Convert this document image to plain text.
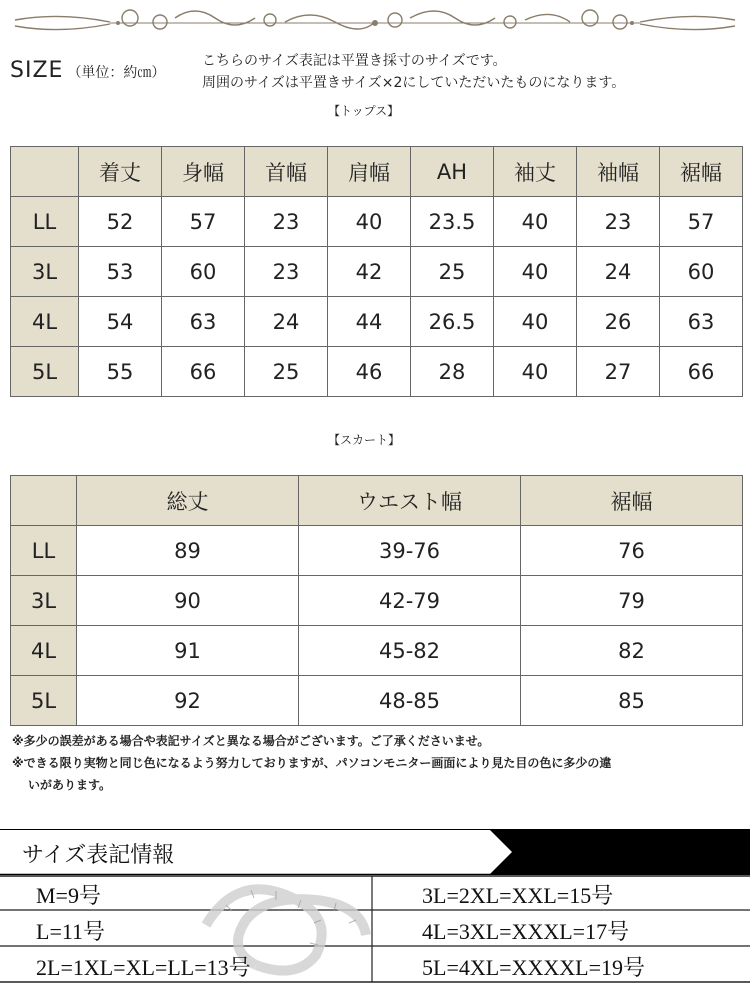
SIZE （単位：約㎝）
こちらのサイズ表記は平置き採寸のサイズです。
周囲のサイズは平置きサイズ×2にしていただいたものになります。
【トップス】
	着丈	身幅	首幅	肩幅	AH	袖丈	袖幅	裾幅
LL	52	57	23	40	23.5	40	23	57
3L	53	60	23	42	25	40	24	60
4L	54	63	24	44	26.5	40	26	63
5L	55	66	25	46	28	40	27	66
【スカート】
	総丈	ウエスト幅	裾幅
LL	89	39-76	76
3L	90	42-79	79
4L	91	45-82	82
5L	92	48-85	85
※多少の誤差がある場合や表記サイズと異なる場合がございます。ご了承くださいませ。
※できる限り実物と同じ色になるよう努力しておりますが、パソコンモニター画面により見た目の色に多少の違
いがあります。
サイズ表記情報
M=9号
L=11号
2L=1XL=XL=LL=13号
3L=2XL=XXL=15号
4L=3XL=XXXL=17号
5L=4XL=XXXXL=19号
